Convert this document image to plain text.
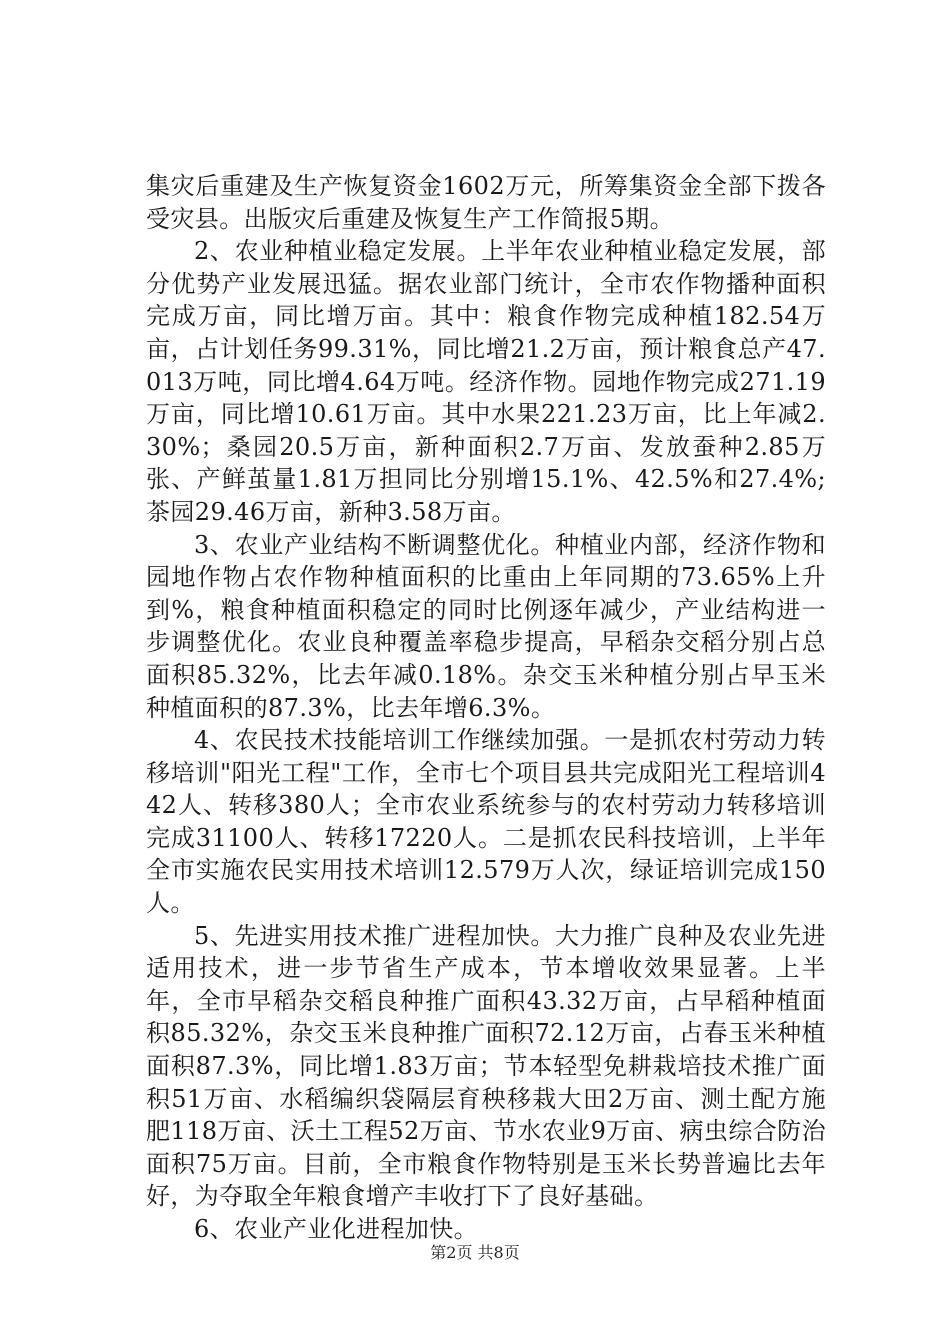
集灾后重建及生产恢复资金1602万元，所筹集资金全部下拨各受灾县。出版灾后重建及恢复生产工作简报5期。

2、农业种植业稳定发展。上半年农业种植业稳定发展，部分优势产业发展迅猛。据农业部门统计，全市农作物播种面积完成万亩，同比增万亩。其中：粮食作物完成种植182.54万亩，占计划任务99.31%，同比增21.2万亩，预计粮食总产47.013万吨，同比增4.64万吨。经济作物。园地作物完成271.19万亩，同比增10.61万亩。其中水果221.23万亩，比上年减2.30%；桑园20.5万亩，新种面积2.7万亩、发放蚕种2.85万张、产鲜茧量1.81万担同比分别增15.1%、42.5%和27.4%;茶园29.46万亩，新种3.58万亩。

3、农业产业结构不断调整优化。种植业内部，经济作物和园地作物占农作物种植面积的比重由上年同期的73.65%上升到%，粮食种植面积稳定的同时比例逐年减少，产业结构进一步调整优化。农业良种覆盖率稳步提高，早稻杂交稻分别占总面积85.32%，比去年减0.18%。杂交玉米种植分别占早玉米种植面积的87.3%，比去年增6.3%。

4、农民技术技能培训工作继续加强。一是抓农村劳动力转移培训"阳光工程"工作，全市七个项目县共完成阳光工程培训442人、转移380人；全市农业系统参与的农村劳动力转移培训完成31100人、转移17220人。二是抓农民科技培训，上半年全市实施农民实用技术培训12.579万人次，绿证培训完成150人。

5、先进实用技术推广进程加快。大力推广良种及农业先进适用技术，进一步节省生产成本，节本增收效果显著。上半年，全市早稻杂交稻良种推广面积43.32万亩，占早稻种植面积85.32%，杂交玉米良种推广面积72.12万亩，占春玉米种植面积87.3%，同比增1.83万亩；节本轻型免耕栽培技术推广面积51万亩、水稻编织袋隔层育秧移栽大田2万亩、测土配方施肥118万亩、沃土工程52万亩、节水农业9万亩、病虫综合防治面积75万亩。目前，全市粮食作物特别是玉米长势普遍比去年好，为夺取全年粮食增产丰收打下了良好基础。

6、农业产业化进程加快。

第2页 共8页
